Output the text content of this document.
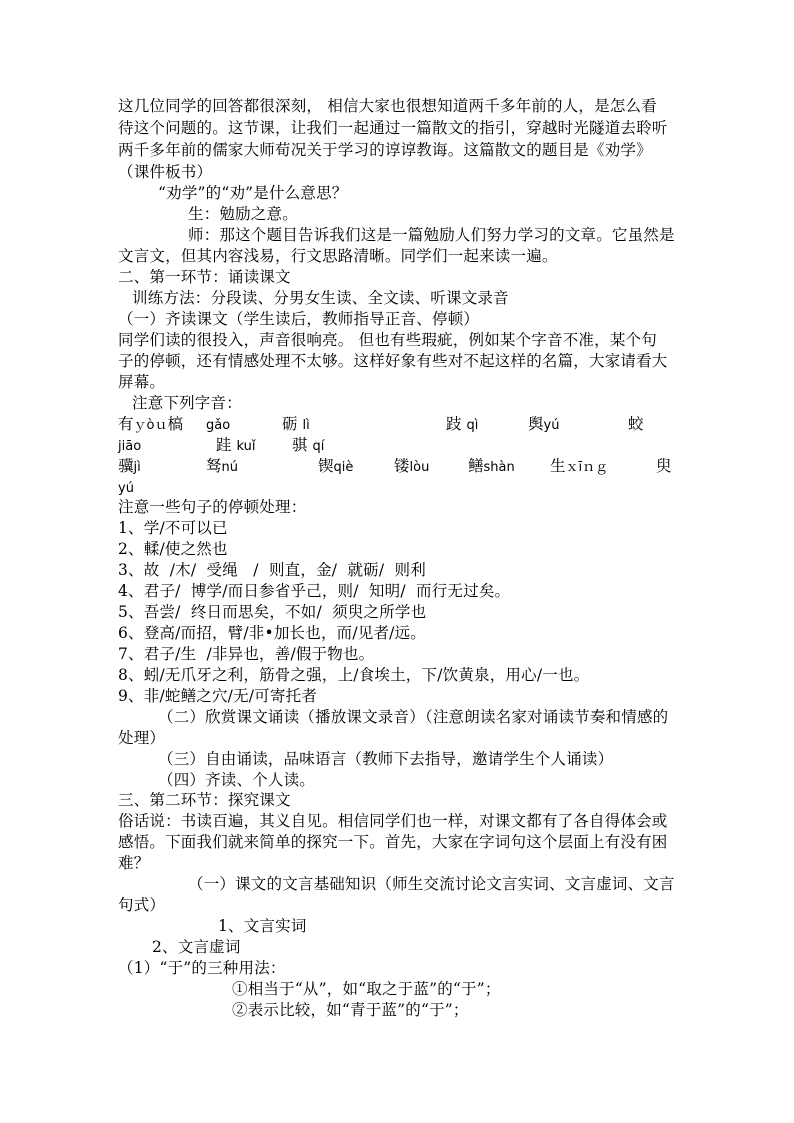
这几位同学的回答都很深刻， 相信大家也很想知道两千多年前的人，是怎么看
待这个问题的。这节课，让我们一起通过一篇散文的指引，穿越时光隧道去聆听
两千多年前的儒家大师荀况关于学习的谆谆教诲。这篇散文的题目是《劝学》
（课件板书）
“劝学”的“劝”是什么意思？
生：勉励之意。
师：那这个题目告诉我们这是一篇勉励人们努力学习的文章。它虽然是
文言文，但其内容浅易，行文思路清晰。同学们一起来读一遍。
二、第一环节：诵读课文
训练方法：分段读、分男女生读、全文读、听课文录音
（一）齐读课文（学生读后，教师指导正音、停顿）
同学们读的很投入，声音很响亮。 但也有些瑕疵，例如某个字音不准，某个句
子的停顿，还有情感处理不太够。这样好象有些对不起这样的名篇，大家请看大
屏幕。
注意下列字音：
有ｙòｕ槁 gǎo	砺 lì	跂 qì	舆yú	蛟
jiāo	跬 kuǐ 骐 qí
骥jì	驽nú	锲qiè	镂lòu 鳝shàn 生ｘīｎｇ	臾
yú
注意一些句子的停顿处理：
1、学/不可以已
2、輮/使之然也
3、故  /木/  受绳   /  则直，金/  就砺/  则利
4、君子/  博学/而日参省乎己，则/  知明/  而行无过矣。
5、吾尝/  终日而思矣，不如/  须臾之所学也
6、登高/而招，臂/非•加长也，而/见者/远。
7、君子/生  /非异也，善/假于物也。
8、蚓/无爪牙之利，筋骨之强，上/食埃土，下/饮黄泉，用心/一也。
9、非/蛇鳝之穴/无/可寄托者
（二）欣赏课文诵读（播放课文录音）（注意朗读名家对诵读节奏和情感的
处理）
（三）自由诵读，品味语言（教师下去指导，邀请学生个人诵读）
（四）齐读、个人读。
三、第二环节：探究课文
俗话说：书读百遍，其义自见。相信同学们也一样，对课文都有了各自得体会或
感悟。下面我们就来简单的探究一下。首先，大家在字词句这个层面上有没有困
难？
（一）课文的文言基础知识（师生交流讨论文言实词、文言虚词、文言
句式）
1、文言实词
2、文言虚词
（1）“于”的三种用法：
①相当于“从”，如“取之于蓝”的“于”；
②表示比较，如“青于蓝”的“于”；
